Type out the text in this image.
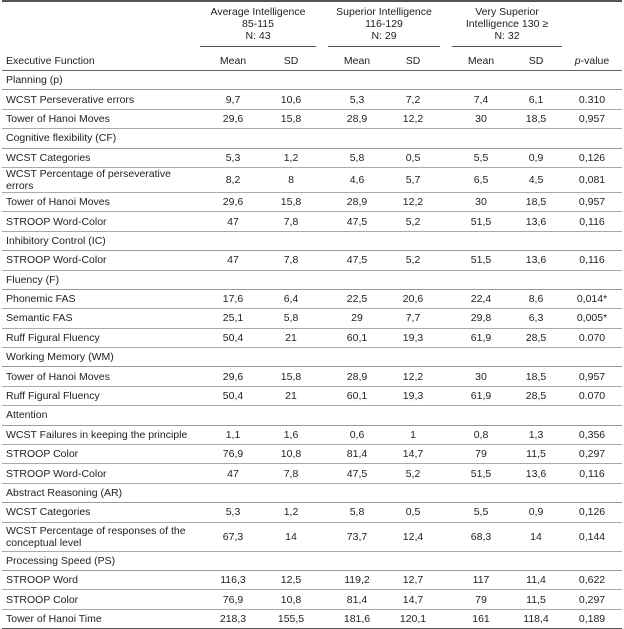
	Average Intelligence
85-115
N: 43			Superior Intelligence
116-129
N: 29			Very Superior
Intelligence 130 ≥
N: 32		

Executive Function	Mean	SD		Mean	SD		Mean	SD	p-value
Planning (p)									
WCST Perseverative errors	9,7	10,6		5,3	7,2		7,4	6,1	0.310
Tower of Hanoi Moves	29,6	15,8		28,9	12,2		30	18,5	0,957
Cognitive flexibility (CF)									
WCST Categories	5,3	1,2		5,8	0,5		5,5	0,9	0,126
WCST Percentage of perseverative errors	8,2	8		4,6	5,7		6,5	4,5	0,081
Tower of Hanoi Moves	29,6	15,8		28,9	12,2		30	18,5	0,957
STROOP Word-Color	47	7,8		47,5	5,2		51,5	13,6	0,116
Inhibitory Control (IC)									
STROOP Word-Color	47	7,8		47,5	5,2		51,5	13,6	0,116
Fluency (F)									
Phonemic FAS	17,6	6,4		22,5	20,6		22,4	8,6	0,014*
Semantic FAS	25,1	5,8		29	7,7		29,8	6,3	0,005*
Ruff Figural Fluency	50,4	21		60,1	19,3		61,9	28,5	0.070
Working Memory (WM)									
Tower of Hanoi Moves	29,6	15,8		28,9	12,2		30	18,5	0,957
Ruff Figural Fluency	50,4	21		60,1	19,3		61,9	28,5	0.070
Attention									
WCST Failures in keeping the principle	1,1	1,6		0,6	1		0,8	1,3	0,356
STROOP Color	76,9	10,8		81,4	14,7		79	11,5	0,297
STROOP Word-Color	47	7,8		47,5	5,2		51,5	13,6	0,116
Abstract Reasoning (AR)									
WCST Categories	5,3	1,2		5,8	0,5		5,5	0,9	0,126
WCST Percentage of responses of the conceptual level	67,3	14		73,7	12,4		68,3	14	0,144
Processing Speed (PS)									
STROOP Word	116,3	12,5		119,2	12,7		117	11,4	0,622
STROOP Color	76,9	10,8		81,4	14,7		79	11,5	0,297
Tower of Hanoi Time	218,3	155,5		181,6	120,1		161	118,4	0,189
